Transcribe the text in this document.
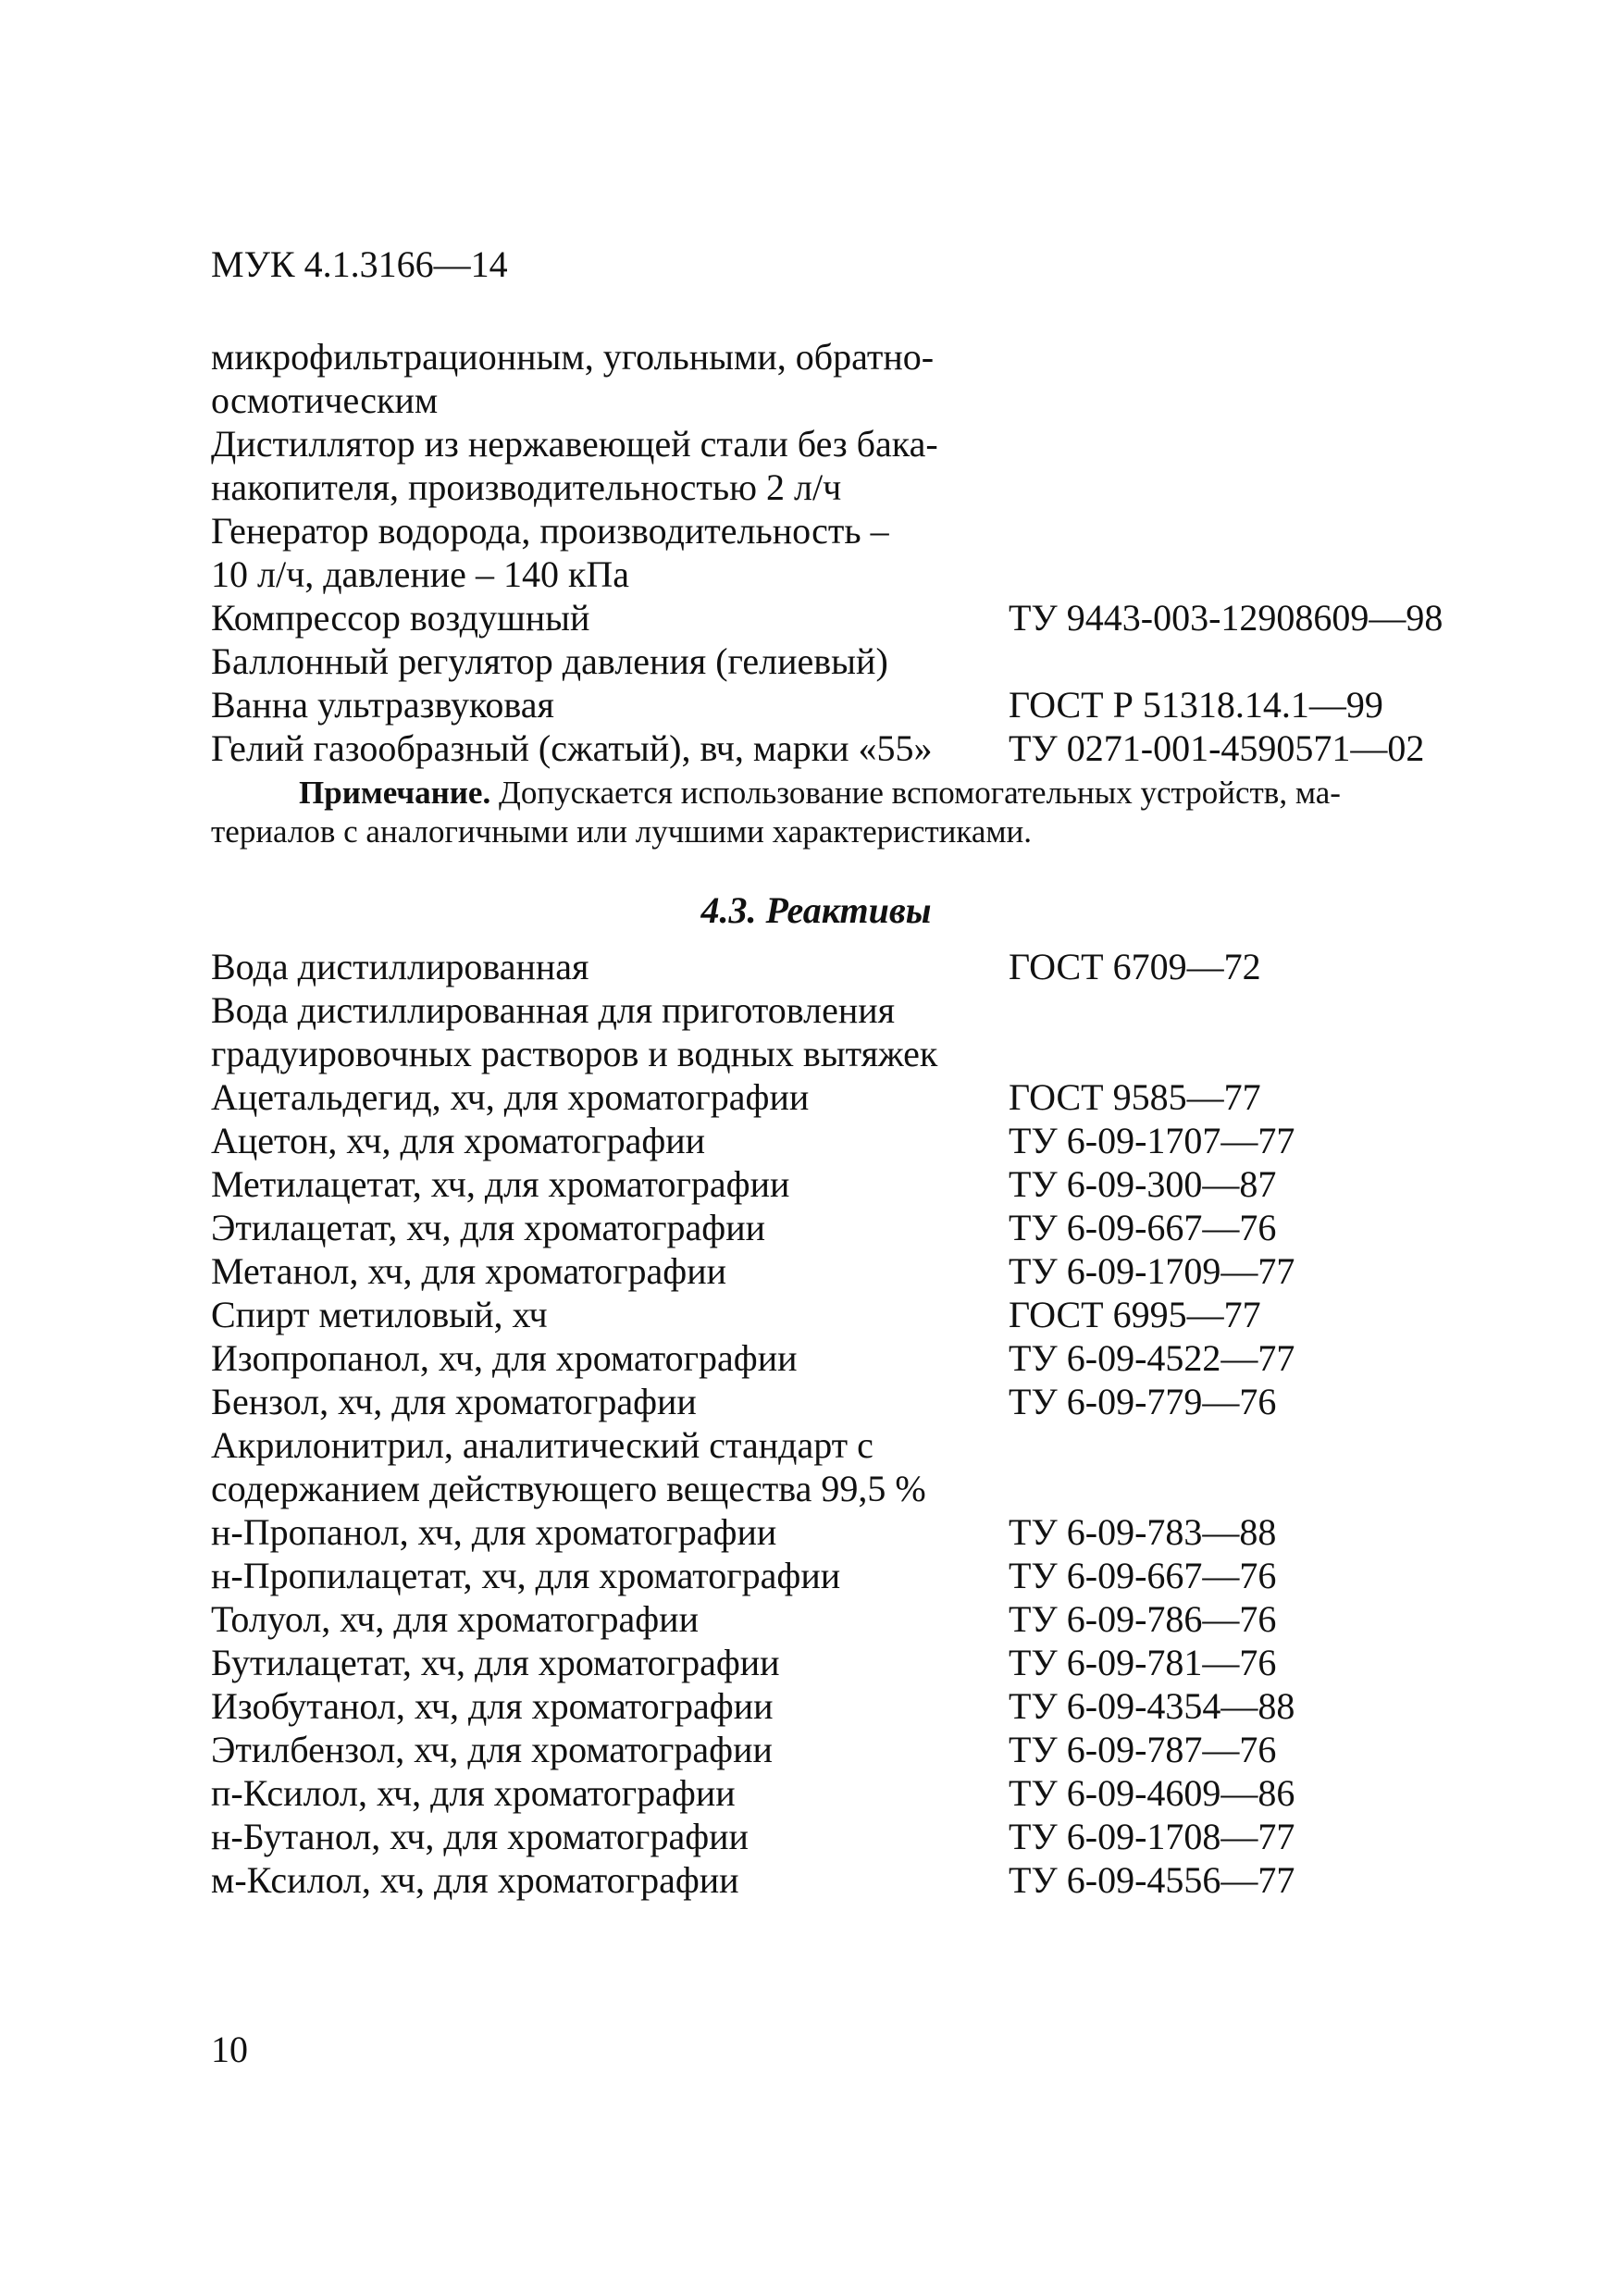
МУК 4.1.3166—14
микрофильтрационным, угольными, обратно-
осмотическим
Дистиллятор из нержавеющей стали без бака-
накопителя, производительностью 2 л/ч
Генератор водорода, производительность –
10 л/ч, давление – 140 кПа
Компрессор воздушный	ТУ 9443-003-12908609—98
Баллонный регулятор давления (гелиевый)
Ванна ультразвуковая	ГОСТ Р 51318.14.1—99
Гелий газообразный (сжатый), вч, марки «55» ТУ 0271-001-4590571—02
Примечание. Допускается использование вспомогательных устройств, ма-
териалов с аналогичными или лучшими характеристиками.
4.3. Реактивы
Вода дистиллированная	ГОСТ 6709—72
Вода дистиллированная для приготовления
градуировочных растворов и водных вытяжек
Ацетальдегид, хч, для хроматографии	ГОСТ 9585—77
Ацетон, хч, для хроматографии	ТУ 6-09-1707—77
Метилацетат, хч, для хроматографии	ТУ 6-09-300—87
Этилацетат, хч, для хроматографии	ТУ 6-09-667—76
Метанол, хч, для хроматографии	ТУ 6-09-1709—77
Спирт метиловый, хч	ГОСТ 6995—77
Изопропанол, хч, для хроматографии	ТУ 6-09-4522—77
Бензол, хч, для хроматографии	ТУ 6-09-779—76
Акрилонитрил, аналитический стандарт с
содержанием действующего вещества 99,5 %
н-Пропанол, хч, для хроматографии	ТУ 6-09-783—88
н-Пропилацетат, хч, для хроматографии	ТУ 6-09-667—76
Толуол, хч, для хроматографии	ТУ 6-09-786—76
Бутилацетат, хч, для хроматографии	ТУ 6-09-781—76
Изобутанол, хч, для хроматографии	ТУ 6-09-4354—88
Этилбензол, хч, для хроматографии	ТУ 6-09-787—76
п-Ксилол, хч, для хроматографии	ТУ 6-09-4609—86
н-Бутанол, хч, для хроматографии	ТУ 6-09-1708—77
м-Ксилол, хч, для хроматографии	ТУ 6-09-4556—77
10
